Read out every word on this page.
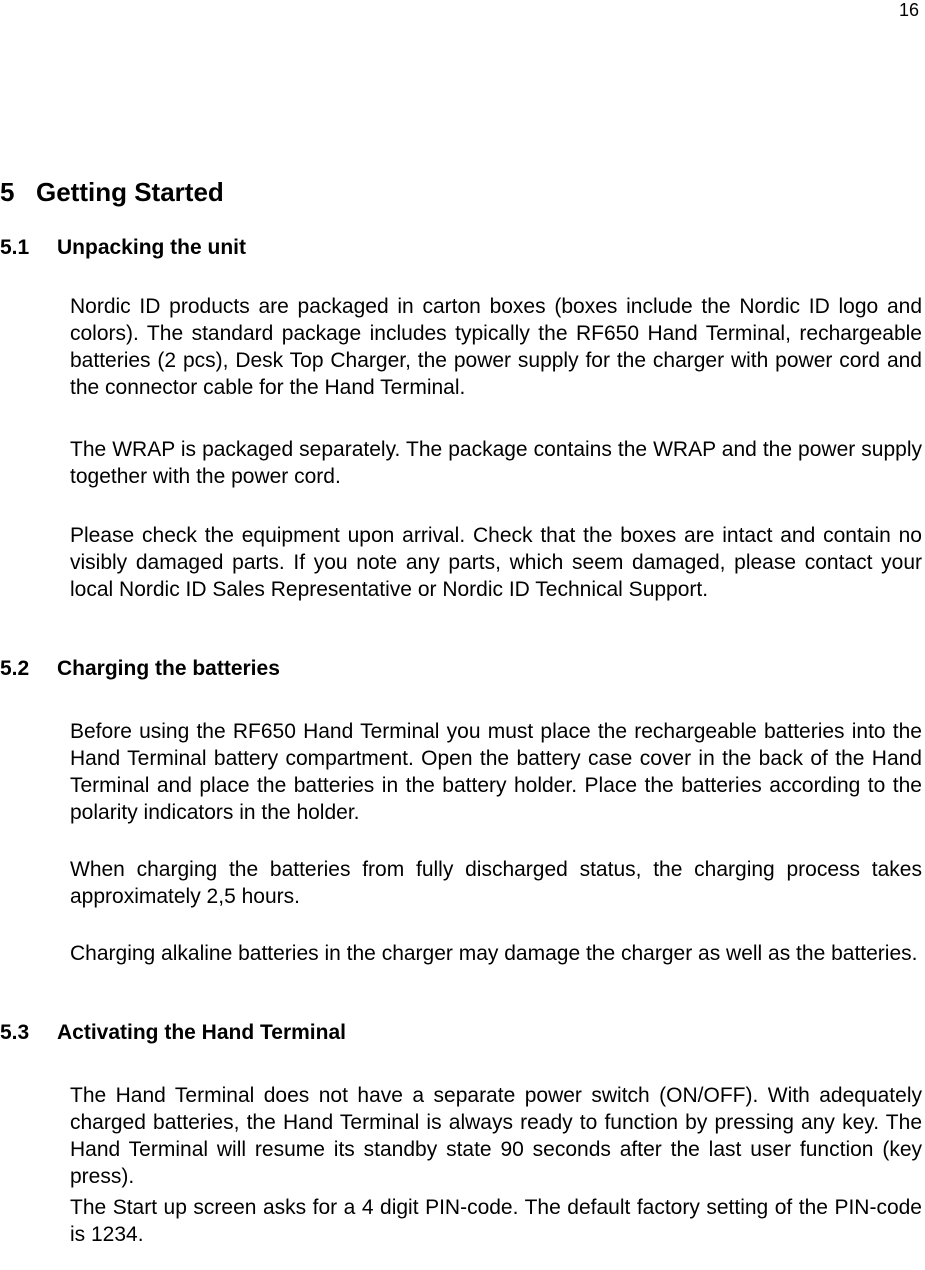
16
5 Getting Started
5.1 Unpacking the unit

Nordic ID products are packaged in carton boxes (boxes include the Nordic ID logo and colors). The standard package includes typically the RF650 Hand Terminal, rechargeable batteries (2 pcs), Desk Top Charger, the power supply for the charger with power cord and the connector cable for the Hand Terminal.

The WRAP is packaged separately. The package contains the WRAP and the power supply together with the power cord.

Please check the equipment upon arrival. Check that the boxes are intact and contain no visibly damaged parts. If you note any parts, which seem damaged, please contact your local Nordic ID Sales Representative or Nordic ID Technical Support.

5.2 Charging the batteries

Before using the RF650 Hand Terminal you must place the rechargeable batteries into the Hand Terminal battery compartment. Open the battery case cover in the back of the Hand Terminal and place the batteries in the battery holder. Place the batteries according to the polarity indicators in the holder.

When charging the batteries from fully discharged status, the charging process takes approximately 2,5 hours.

Charging alkaline batteries in the charger may damage the charger as well as the batteries.

5.3 Activating the Hand Terminal

The Hand Terminal does not have a separate power switch (ON/OFF). With adequately charged batteries, the Hand Terminal is always ready to function by pressing any key. The Hand Terminal will resume its standby state 90 seconds after the last user function (key press).

The Start up screen asks for a 4 digit PIN-code. The default factory setting of the PIN-code is 1234.
